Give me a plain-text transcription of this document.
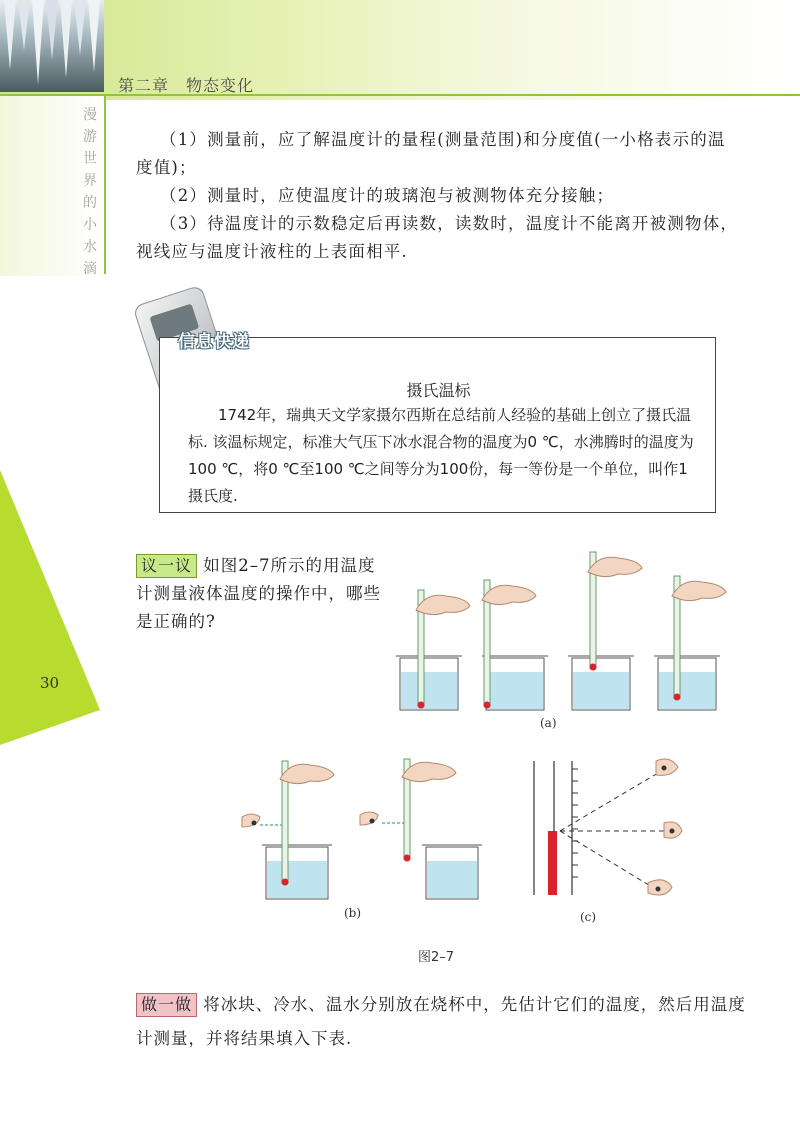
第二章　物态变化
漫
游
世
界
的
小
水
滴
30

（1）测量前，应了解温度计的量程(测量范围)和分度值(一小格表示的温度值)；

（2）测量时，应使温度计的玻璃泡与被测物体充分接触；

（3）待温度计的示数稳定后再读数，读数时，温度计不能离开被测物体，视线应与温度计液柱的上表面相平.

摄氏温标

1742年，瑞典天文学家摄尔西斯在总结前人经验的基础上创立了摄氏温标. 该温标规定，标准大气压下冰水混合物的温度为0 ℃，水沸腾时的温度为100 ℃，将0 ℃至100 ℃之间等分为100份，每一等份是一个单位，叫作1摄氏度.

信息快递

议一议 如图2–7所示的用温度计测量液体温度的操作中，哪些是正确的?

(a)
(b)	(c)
图2–7

做一做 将冰块、冷水、温水分别放在烧杯中，先估计它们的温度，然后用温度计测量，并将结果填入下表.
